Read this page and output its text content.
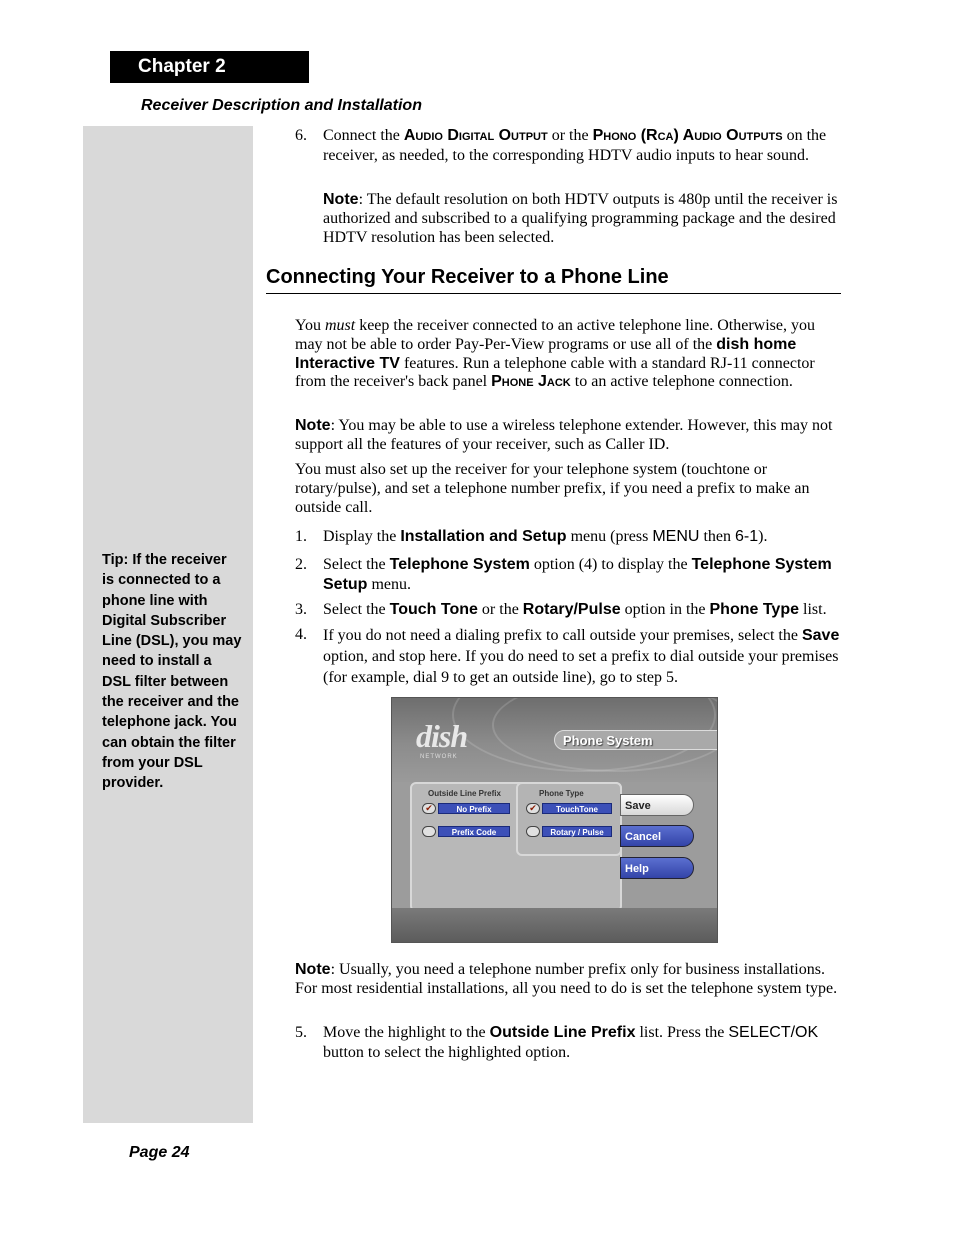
Chapter 2
Receiver Description and Installation
Tip: If the receiver is connected to a phone line with Digital Subscriber Line (DSL), you may need to install a DSL filter between the receiver and the telephone jack. You can obtain the filter from your DSL provider.
6. Connect the Audio Digital Output or the Phono (Rca) Audio Outputs on the receiver, as needed, to the corresponding HDTV audio inputs to hear sound.
Note: The default resolution on both HDTV outputs is 480p until the receiver is authorized and subscribed to a qualifying programming package and the desired HDTV resolution has been selected.
Connecting Your Receiver to a Phone Line
You must keep the receiver connected to an active telephone line. Otherwise, you may not be able to order Pay-Per-View programs or use all of the dish home Interactive TV features. Run a telephone cable with a standard RJ-11 connector from the receiver's back panel Phone Jack to an active telephone connection.
Note: You may be able to use a wireless telephone extender. However, this may not support all the features of your receiver, such as Caller ID.
You must also set up the receiver for your telephone system (touchtone or rotary/pulse), and set a telephone number prefix, if you need a prefix to make an outside call.
1. Display the Installation and Setup menu (press MENU then 6-1).
2. Select the Telephone System option (4) to display the Telephone System Setup menu.
3. Select the Touch Tone or the Rotary/Pulse option in the Phone Type list.
4. If you do not need a dialing prefix to call outside your premises, select the Save option, and stop here. If you do need to set a prefix to dial outside your premises (for example, dial 9 to get an outside line), go to step 5.
dish
NETWORK
Phone System
Outside Line Prefix
✔	No Prefix
Prefix Code
Phone Type
✔	TouchTone
Rotary / Pulse
Save
Cancel
Help
Note: Usually, you need a telephone number prefix only for business installations. For most residential installations, all you need to do is set the telephone system type.
5. Move the highlight to the Outside Line Prefix list. Press the SELECT/OK button to select the highlighted option.
Page 24
